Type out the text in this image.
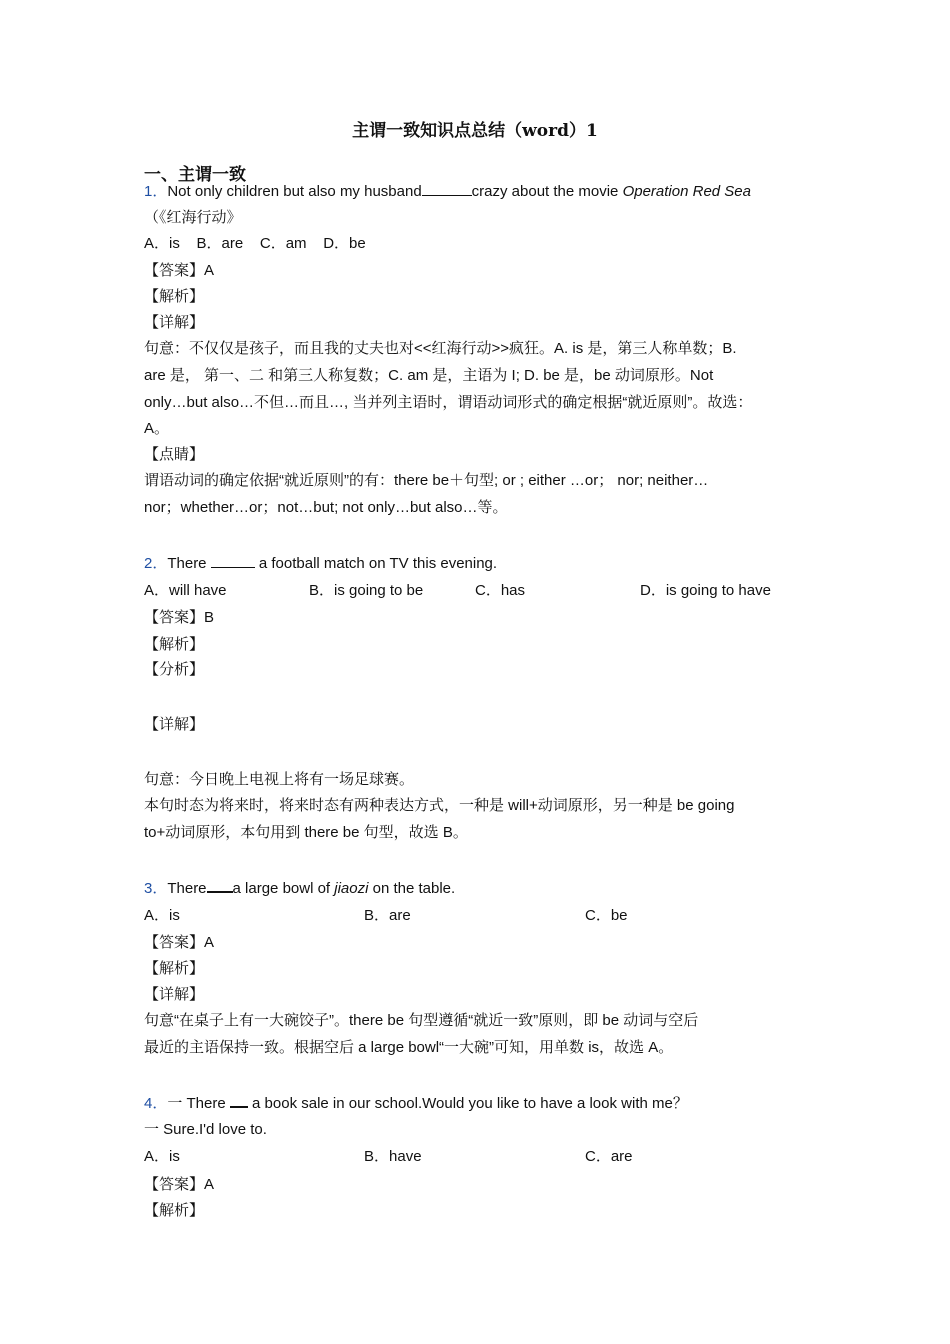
主谓一致知识点总结（word）1
一、主谓一致
1．Not only children but also my husband	crazy about the movie Operation Red Sea
（《红海行动》
A．is    B．are    C．am    D．be
【答案】A
【解析】
【详解】
句意：不仅仅是孩子，而且我的丈夫也对<<红海行动>>疯狂。A. is 是，第三人称单数；B.
are 是， 第一、二 和第三人称复数；C. am 是，主语为 I; D. be 是，be 动词原形。Not
only…but also…不但…而且…, 当并列主语时，谓语动词形式的确定根据“就近原则”。故选：
A。
【点睛】
谓语动词的确定依据“就近原则”的有：there be＋句型; or ; either …or； nor; neither…
nor；whether…or；not…but; not only…but also…等。
2．There	a football match on TV this evening.
A．will have	B．is going to be	C．has	D．is going to have
【答案】B
【解析】
【分析】
【详解】
句意：今日晚上电视上将有一场足球赛。
本句时态为将来时，将来时态有两种表达方式，一种是 will+动词原形，另一种是 be going
to+动词原形，本句用到 there be 句型，故选 B。
3．There a large bowl of jiaozi on the table.
A．is	B．are	C．be
【答案】A
【解析】
【详解】
句意“在桌子上有一大碗饺子”。there be 句型遵循“就近一致”原则，即 be 动词与空后
最近的主语保持一致。根据空后 a large bowl“一大碗”可知，用单数 is，故选 A。
4．一 There  a book sale in our school.Would you like to have a look with me？
一 Sure.I'd love to.
A．is	B．have	C．are
【答案】A
【解析】
